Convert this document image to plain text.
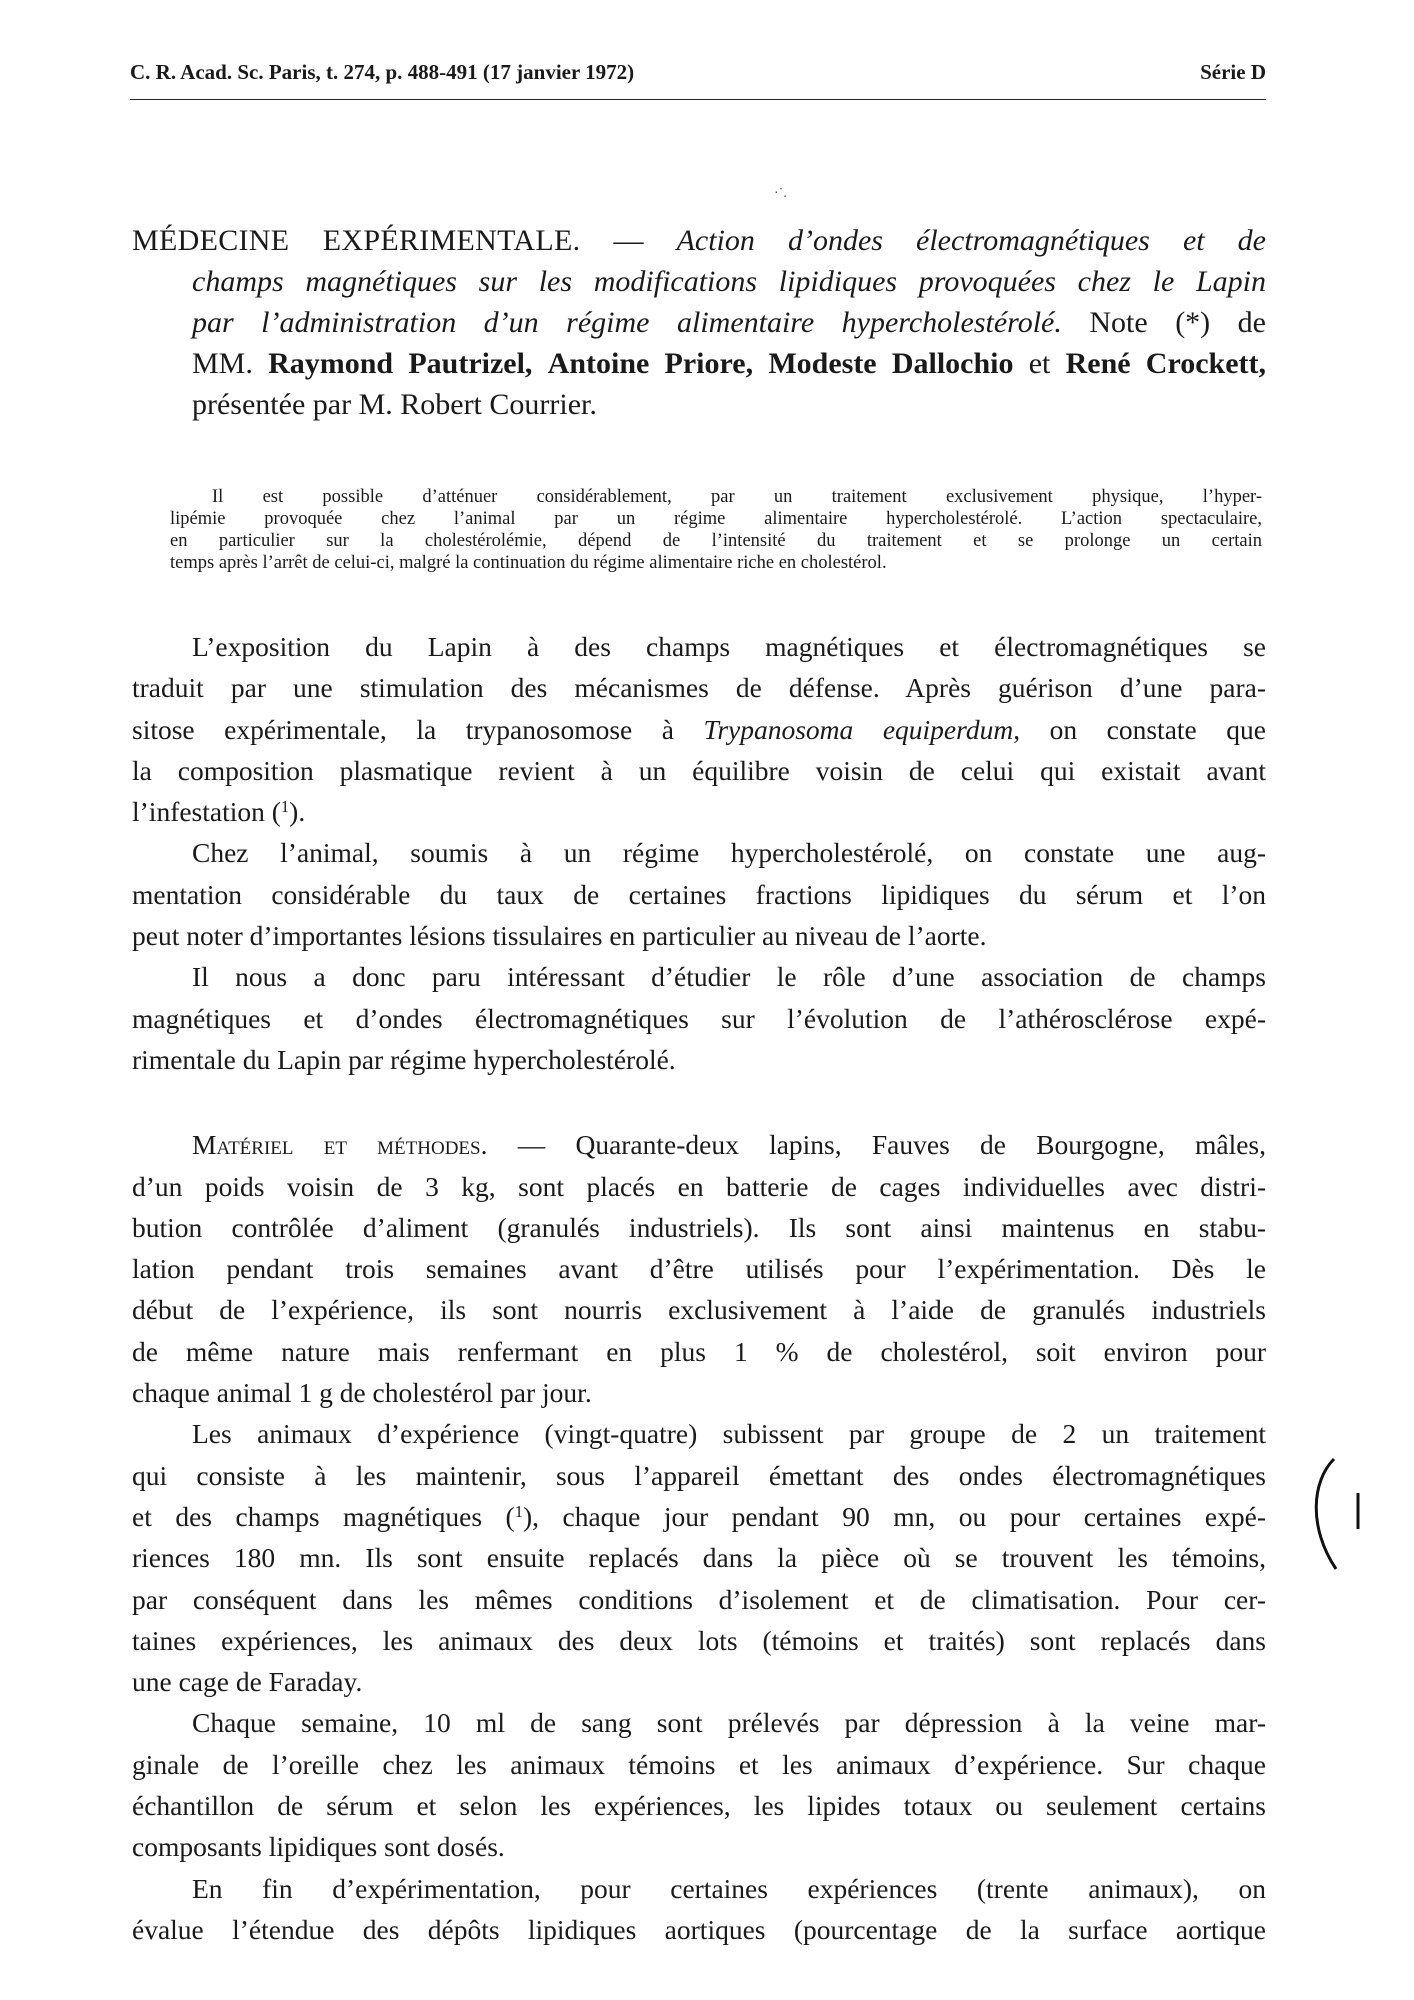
C. R. Acad. Sc. Paris, t. 274, p. 488-491 (17 janvier 1972)	Série D
·˙.
MÉDECINE EXPÉRIMENTALE. — Action d’ondes électromagnétiques et de
champs magnétiques sur les modifications lipidiques provoquées chez le Lapin
par l’administration d’un régime alimentaire hypercholestérolé. Note (*) de
MM. Raymond Pautrizel, Antoine Priore, Modeste Dallochio et René Crockett,
présentée par M. Robert Courrier.
Il est possible d’atténuer considérablement, par un traitement exclusivement physique, l’hyper-
lipémie provoquée chez l’animal par un régime alimentaire hypercholestérolé. L’action spectaculaire,
en particulier sur la cholestérolémie, dépend de l’intensité du traitement et se prolonge un certain
temps après l’arrêt de celui-ci, malgré la continuation du régime alimentaire riche en cholestérol.

L’exposition du Lapin à des champs magnétiques et électromagnétiques se
traduit par une stimulation des mécanismes de défense. Après guérison d’une para-
sitose expérimentale, la trypanosomose à Trypanosoma equiperdum, on constate que
la composition plasmatique revient à un équilibre voisin de celui qui existait avant
l’infestation ($^1$).

Chez l’animal, soumis à un régime hypercholestérolé, on constate une aug-
mentation considérable du taux de certaines fractions lipidiques du sérum et l’on
peut noter d’importantes lésions tissulaires en particulier au niveau de l’aorte.

Il nous a donc paru intéressant d’étudier le rôle d’une association de champs
magnétiques et d’ondes électromagnétiques sur l’évolution de l’athérosclérose expé-
rimentale du Lapin par régime hypercholestérolé.

Matériel et méthodes. — Quarante-deux lapins, Fauves de Bourgogne, mâles,
d’un poids voisin de 3 kg, sont placés en batterie de cages individuelles avec distri-
bution contrôlée d’aliment (granulés industriels). Ils sont ainsi maintenus en stabu-
lation pendant trois semaines avant d’être utilisés pour l’expérimentation. Dès le
début de l’expérience, ils sont nourris exclusivement à l’aide de granulés industriels
de même nature mais renfermant en plus 1 % de cholestérol, soit environ pour
chaque animal 1 g de cholestérol par jour.

Les animaux d’expérience (vingt-quatre) subissent par groupe de 2 un traitement
qui consiste à les maintenir, sous l’appareil émettant des ondes électromagnétiques
et des champs magnétiques ($^1$), chaque jour pendant 90 mn, ou pour certaines expé-
riences 180 mn. Ils sont ensuite replacés dans la pièce où se trouvent les témoins,
par conséquent dans les mêmes conditions d’isolement et de climatisation. Pour cer-
taines expériences, les animaux des deux lots (témoins et traités) sont replacés dans
une cage de Faraday.

Chaque semaine, 10 ml de sang sont prélevés par dépression à la veine mar-
ginale de l’oreille chez les animaux témoins et les animaux d’expérience. Sur chaque
échantillon de sérum et selon les expériences, les lipides totaux ou seulement certains
composants lipidiques sont dosés.

En fin d’expérimentation, pour certaines expériences (trente animaux), on
évalue l’étendue des dépôts lipidiques aortiques (pourcentage de la surface aortique
